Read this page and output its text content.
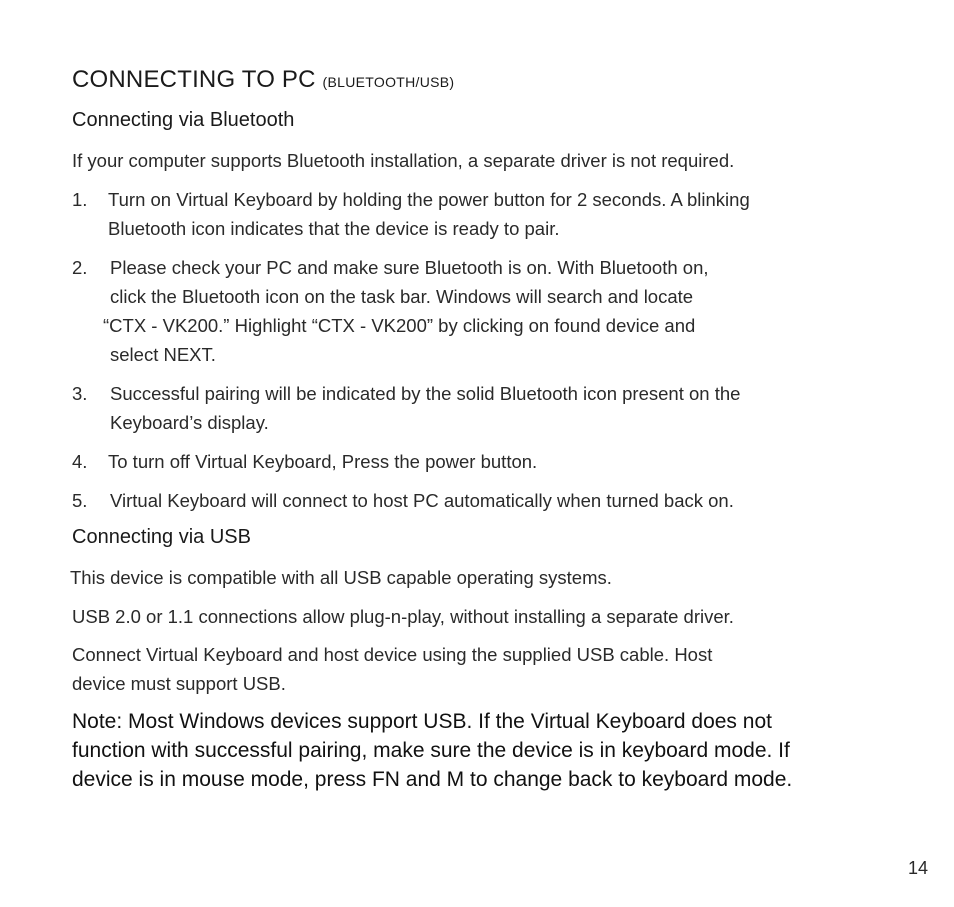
CONNECTING TO PC (BLUETOOTH/USB)
Connecting via Bluetooth
If your computer supports Bluetooth installation, a separate driver is not required.
1. Turn on Virtual Keyboard by holding the power button for 2 seconds. A blinking
Bluetooth icon indicates that the device is ready to pair.
2. Please check your PC and make sure Bluetooth is on. With Bluetooth on,
click the Bluetooth icon on the task bar. Windows will search and locate
“CTX - VK200.” Highlight “CTX - VK200” by clicking on found device and
select NEXT.
3. Successful pairing will be indicated by the solid Bluetooth icon present on the
Keyboard’s display.
4. To turn off Virtual Keyboard, Press the power button.
5. Virtual Keyboard will connect to host PC automatically when turned back on.
Connecting via USB
This device is compatible with all USB capable operating systems.
USB 2.0 or 1.1 connections allow plug-n-play, without installing a separate driver.
Connect Virtual Keyboard and host device using the supplied USB cable. Host
device must support USB.
Note: Most Windows devices support USB. If the Virtual Keyboard does not
function with successful pairing, make sure the device is in keyboard mode. If
device is in mouse mode, press FN and M to change back to keyboard mode.
14
